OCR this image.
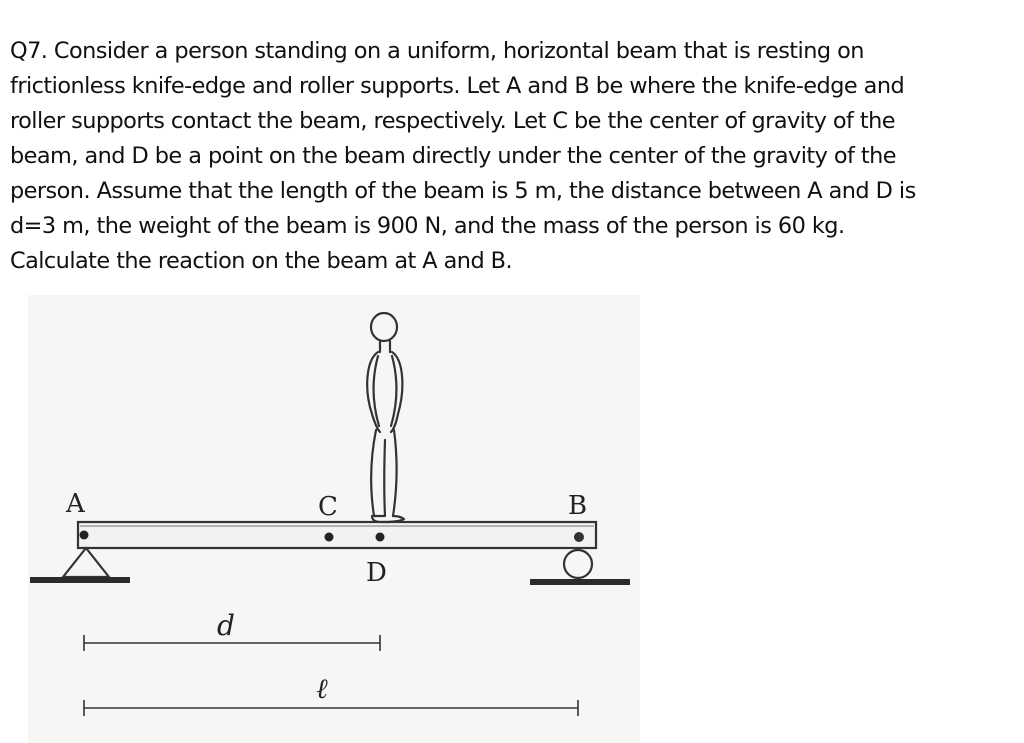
Q7. Consider a person standing on a uniform, horizontal beam that is resting on
frictionless knife-edge and roller supports. Let A and B be where the knife-edge and
roller supports contact the beam, respectively. Let C be the center of gravity of the
beam, and D be a point on the beam directly under the center of the gravity of the
person. Assume that the length of the beam is 5 m, the distance between A and D is
d=3 m, the weight of the beam is 900 N, and the mass of the person is 60 kg.
Calculate the reaction on the beam at A and B.
A	B
C
D
d
ℓ
